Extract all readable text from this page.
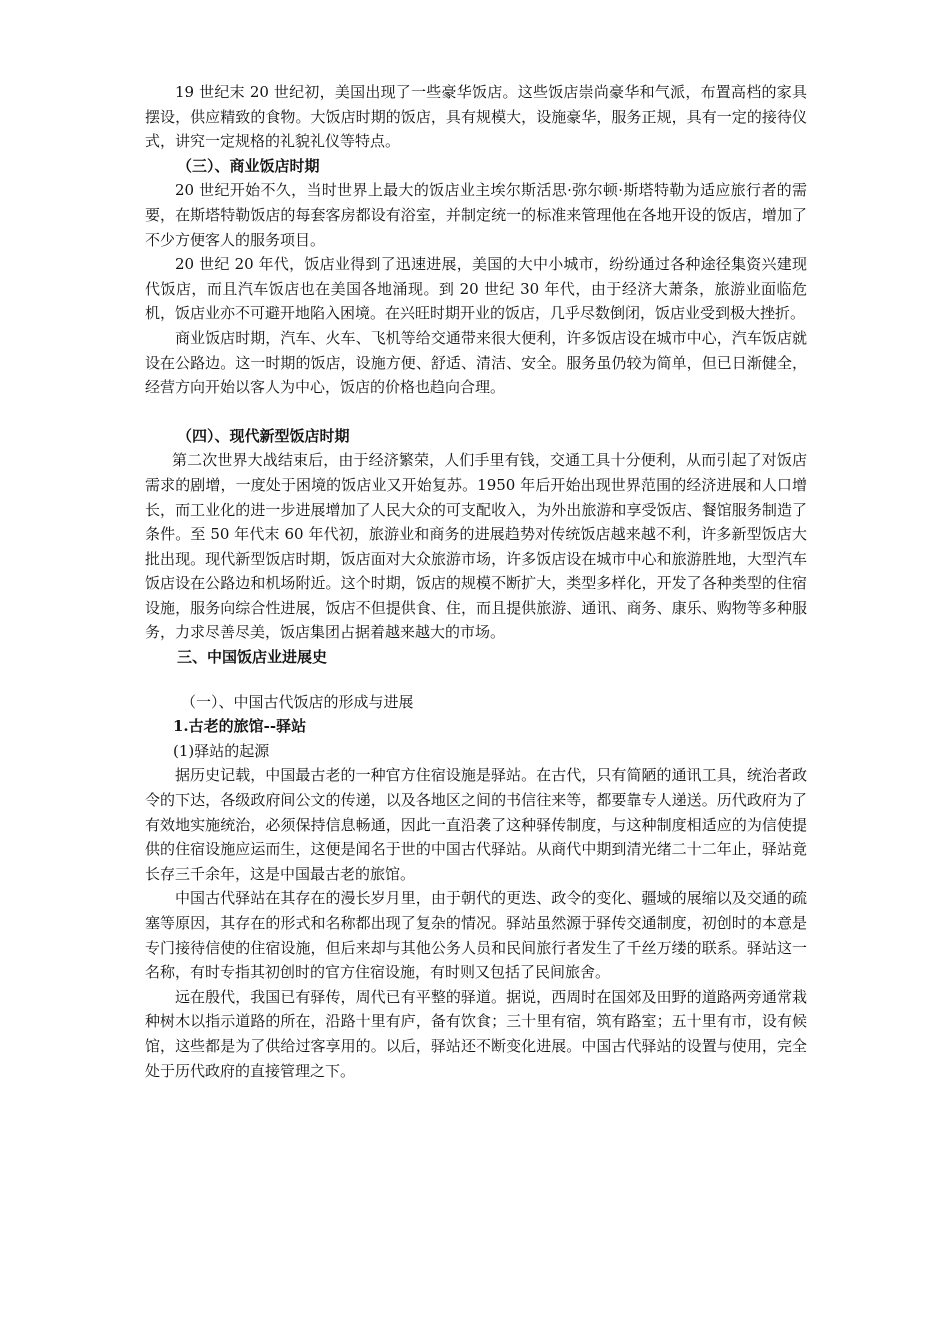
19 世纪末 20 世纪初，美国出现了一些豪华饭店。这些饭店崇尚豪华和气派，布置高档的家具摆设，供应精致的食物。大饭店时期的饭店，具有规模大，设施豪华，服务正规，具有一定的接待仪式，讲究一定规格的礼貌礼仪等特点。

（三）、商业饭店时期

20 世纪开始不久，当时世界上最大的饭店业主埃尔斯活思·弥尔顿·斯塔特勒为适应旅行者的需要，在斯塔特勒饭店的每套客房都设有浴室，并制定统一的标准来管理他在各地开设的饭店，增加了不少方便客人的服务项目。

20 世纪 20 年代，饭店业得到了迅速进展，美国的大中小城市，纷纷通过各种途径集资兴建现代饭店，而且汽车饭店也在美国各地涌现。到 20 世纪 30 年代，由于经济大萧条，旅游业面临危机，饭店业亦不可避开地陷入困境。在兴旺时期开业的饭店，几乎尽数倒闭，饭店业受到极大挫折。

商业饭店时期，汽车、火车、飞机等给交通带来很大便利，许多饭店设在城市中心，汽车饭店就设在公路边。这一时期的饭店，设施方便、舒适、清洁、安全。服务虽仍较为简单，但已日渐健全，经营方向开始以客人为中心，饭店的价格也趋向合理。

（四）、现代新型饭店时期

第二次世界大战结束后，由于经济繁荣，人们手里有钱，交通工具十分便利，从而引起了对饭店需求的剧增，一度处于困境的饭店业又开始复苏。1950 年后开始出现世界范围的经济进展和人口增长，而工业化的进一步进展增加了人民大众的可支配收入，为外出旅游和享受饭店、餐馆服务制造了条件。至 50 年代末 60 年代初，旅游业和商务的进展趋势对传统饭店越来越不利，许多新型饭店大批出现。现代新型饭店时期，饭店面对大众旅游市场，许多饭店设在城市中心和旅游胜地，大型汽车饭店设在公路边和机场附近。这个时期，饭店的规模不断扩大，类型多样化，开发了各种类型的住宿设施，服务向综合性进展，饭店不但提供食、住，而且提供旅游、通讯、商务、康乐、购物等多种服务，力求尽善尽美，饭店集团占据着越来越大的市场。

三、中国饭店业进展史

（一）、中国古代饭店的形成与进展

1.古老的旅馆--驿站

(1)驿站的起源

据历史记载，中国最古老的一种官方住宿设施是驿站。在古代，只有简陋的通讯工具，统治者政令的下达，各级政府间公文的传递，以及各地区之间的书信往来等，都要靠专人递送。历代政府为了有效地实施统治，必须保持信息畅通，因此一直沿袭了这种驿传制度，与这种制度相适应的为信使提供的住宿设施应运而生，这便是闻名于世的中国古代驿站。从商代中期到清光绪二十二年止，驿站竟长存三千余年，这是中国最古老的旅馆。

中国古代驿站在其存在的漫长岁月里，由于朝代的更迭、政令的变化、疆域的展缩以及交通的疏塞等原因，其存在的形式和名称都出现了复杂的情况。驿站虽然源于驿传交通制度，初创时的本意是专门接待信使的住宿设施，但后来却与其他公务人员和民间旅行者发生了千丝万缕的联系。驿站这一名称，有时专指其初创时的官方住宿设施，有时则又包括了民间旅舍。

远在殷代，我国已有驿传，周代已有平整的驿道。据说，西周时在国郊及田野的道路两旁通常栽种树木以指示道路的所在，沿路十里有庐，备有饮食；三十里有宿，筑有路室；五十里有市，设有候馆，这些都是为了供给过客享用的。以后，驿站还不断变化进展。中国古代驿站的设置与使用，完全处于历代政府的直接管理之下。
